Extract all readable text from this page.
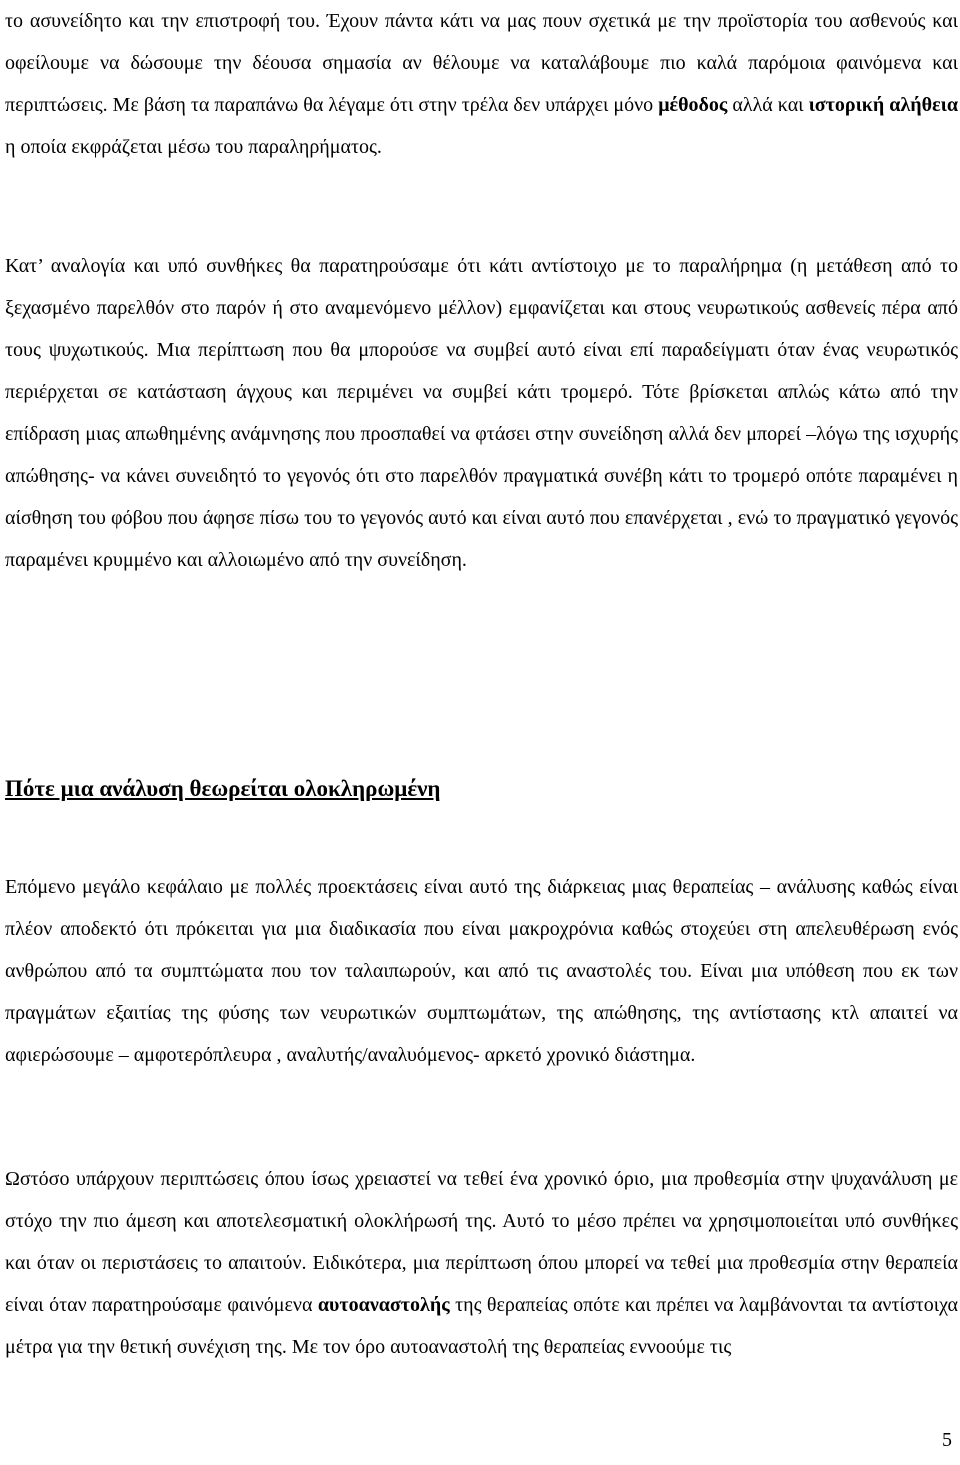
το ασυνείδητο και την επιστροφή του. Έχουν πάντα κάτι να μας πουν σχετικά με την προϊστορία του ασθενούς και οφείλουμε να δώσουμε την δέουσα σημασία αν θέλουμε να καταλάβουμε πιο καλά παρόμοια φαινόμενα και περιπτώσεις. Με βάση τα παραπάνω θα λέγαμε ότι στην τρέλα δεν υπάρχει μόνο μέθοδος αλλά και ιστορική αλήθεια η οποία εκφράζεται μέσω του παραληρήματος.

Κατ’ αναλογία και υπό συνθήκες θα παρατηρούσαμε ότι κάτι αντίστοιχο με το παραλήρημα (η μετάθεση από το ξεχασμένο παρελθόν στο παρόν ή στο αναμενόμενο μέλλον) εμφανίζεται και στους νευρωτικούς ασθενείς πέρα από τους ψυχωτικούς. Μια περίπτωση που θα μπορούσε να συμβεί αυτό είναι επί παραδείγματι όταν ένας νευρωτικός περιέρχεται σε κατάσταση άγχους και περιμένει να συμβεί κάτι τρομερό. Τότε βρίσκεται απλώς κάτω από την επίδραση μιας απωθημένης ανάμνησης που προσπαθεί να φτάσει στην συνείδηση αλλά δεν μπορεί –λόγω της ισχυρής απώθησης- να κάνει συνειδητό το γεγονός ότι στο παρελθόν πραγματικά συνέβη κάτι το τρομερό οπότε παραμένει η αίσθηση του φόβου που άφησε πίσω του το γεγονός αυτό και είναι αυτό που επανέρχεται , ενώ το πραγματικό γεγονός παραμένει κρυμμένο και αλλοιωμένο από την συνείδηση.

Πότε μια ανάλυση θεωρείται ολοκληρωμένη

Επόμενο μεγάλο κεφάλαιο με πολλές προεκτάσεις είναι αυτό της διάρκειας μιας θεραπείας – ανάλυσης καθώς είναι πλέον αποδεκτό ότι πρόκειται για μια διαδικασία που είναι μακροχρόνια καθώς στοχεύει στη απελευθέρωση ενός ανθρώπου από τα συμπτώματα που τον ταλαιπωρούν, και από τις αναστολές του. Είναι μια υπόθεση που εκ των πραγμάτων εξαιτίας της φύσης των νευρωτικών συμπτωμάτων, της απώθησης, της αντίστασης κτλ απαιτεί να αφιερώσουμε – αμφοτερόπλευρα , αναλυτής/αναλυόμενος- αρκετό χρονικό διάστημα.

Ωστόσο υπάρχουν περιπτώσεις όπου ίσως χρειαστεί να τεθεί ένα χρονικό όριο, μια προθεσμία στην ψυχανάλυση με στόχο την πιο άμεση και αποτελεσματική ολοκλήρωσή της. Αυτό το μέσο πρέπει να χρησιμοποιείται υπό συνθήκες και όταν οι περιστάσεις το απαιτούν. Ειδικότερα, μια περίπτωση όπου μπορεί να τεθεί μια προθεσμία στην θεραπεία είναι όταν παρατηρούσαμε φαινόμενα αυτοαναστολής της θεραπείας οπότε και πρέπει να λαμβάνονται τα αντίστοιχα μέτρα για την θετική συνέχιση της. Με τον όρο αυτοαναστολή της θεραπείας εννοούμε τις

5
